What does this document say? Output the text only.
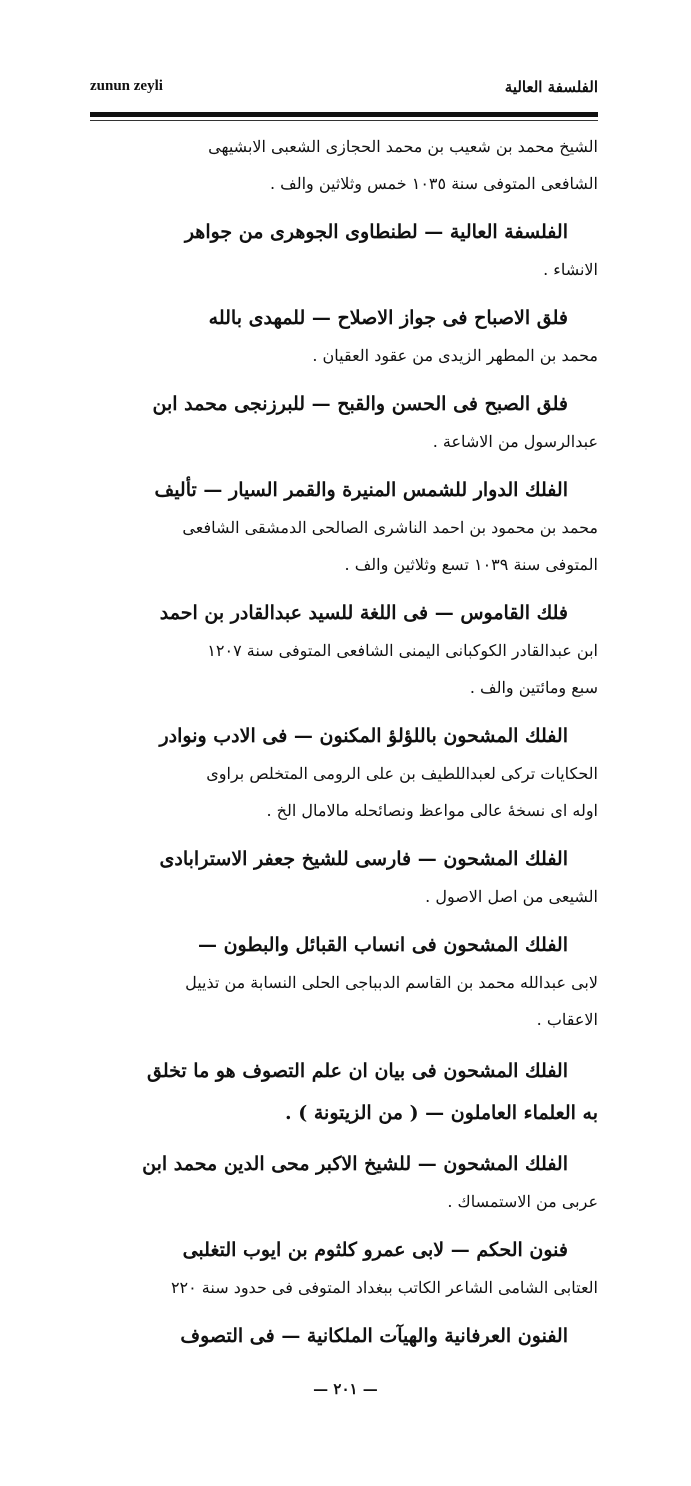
zunun zeyli	الفلسفة العالية
الشيخ محمد بن شعيب بن محمد الحجازى الشعبى الابشيهى
الشافعى المتوفى سنة ١٠٣٥ خمس وثلاثين والف .
الفلسفة العالية — لطنطاوى الجوهرى من جواهر
الانشاء .
فلق الاصباح فى جواز الاصلاح — للمهدى بالله
محمد بن المطهر الزيدى من عقود العقيان .
فلق الصبح فى الحسن والقبح — للبرزنجى محمد ابن
عبدالرسول من الاشاعة .
الفلك الدوار للشمس المنيرة والقمر السيار — تأليف
محمد بن محمود بن احمد الناشرى الصالحى الدمشقى الشافعى
المتوفى سنة ١٠٣٩ تسع وثلاثين والف .
فلك القاموس — فى اللغة للسيد عبدالقادر بن احمد
ابن عبدالقادر الكوكبانى اليمنى الشافعى المتوفى سنة ١٢٠٧
سبع ومائتين والف .
الفلك المشحون باللؤلؤ المكنون — فى الادب ونوادر
الحكايات تركى لعبداللطيف بن على الرومى المتخلص براوى
اوله اى نسخهٔ عالى مواعظ ونصائحله مالامال الخ .
الفلك المشحون — فارسى للشيخ جعفر الاسترابادى
الشيعى من اصل الاصول .
الفلك المشحون فى انساب القبائل والبطون —
لابى عبدالله محمد بن القاسم الدبباجى الحلى النسابة من تذييل
الاعقاب .
الفلك المشحون فى بيان ان علم التصوف هو ما تخلق
به العلماء العاملون — ( من الزيتونة ) .
الفلك المشحون — للشيخ الاكبر محى الدين محمد ابن
عربى من الاستمساك .
فنون الحكم — لابى عمرو كلثوم بن ايوب التغلبى
العتابى الشامى الشاعر الكاتب ببغداد المتوفى فى حدود سنة ٢٢٠
الفنون العرفانية والهيآت الملكانية — فى التصوف
— ٢٠١ —
